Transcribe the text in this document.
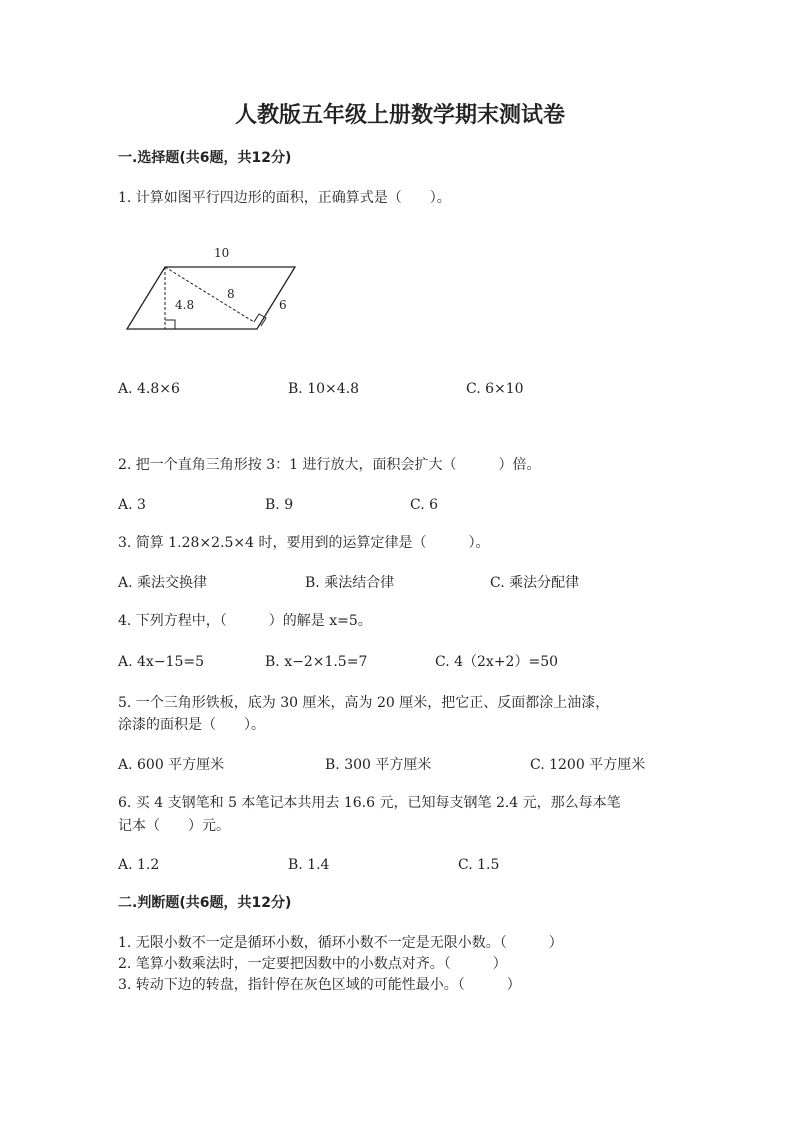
人教版五年级上册数学期末测试卷
一.选择题(共6题，共12分)
1. 计算如图平行四边形的面积，正确算式是（　　）。
10
4.8
8
6
A. 4.8×6	B. 10×4.8	C. 6×10
2. 把一个直角三角形按 3：1 进行放大，面积会扩大（　　　）倍。
A. 3	B. 9	C. 6
3. 简算 1.28×2.5×4 时，要用到的运算定律是（　　　）。
A. 乘法交换律	B. 乘法结合律	C. 乘法分配律
4. 下列方程中，（　　　）的解是 x=5。
A. 4x−15=5	B. x−2×1.5=7	C. 4（2x+2）=50
5. 一个三角形铁板，底为 30 厘米，高为 20 厘米，把它正、反面都涂上油漆，
涂漆的面积是（　　）。
A. 600 平方厘米	B. 300 平方厘米	C. 1200 平方厘米
6. 买 4 支钢笔和 5 本笔记本共用去 16.6 元，已知每支钢笔 2.4 元，那么每本笔
记本（　　）元。
A. 1.2	B. 1.4	C. 1.5
二.判断题(共6题，共12分)
1. 无限小数不一定是循环小数，循环小数不一定是无限小数。（　　　）
2. 笔算小数乘法时，一定要把因数中的小数点对齐。（　　　）
3. 转动下边的转盘，指针停在灰色区域的可能性最小。（　　　）
